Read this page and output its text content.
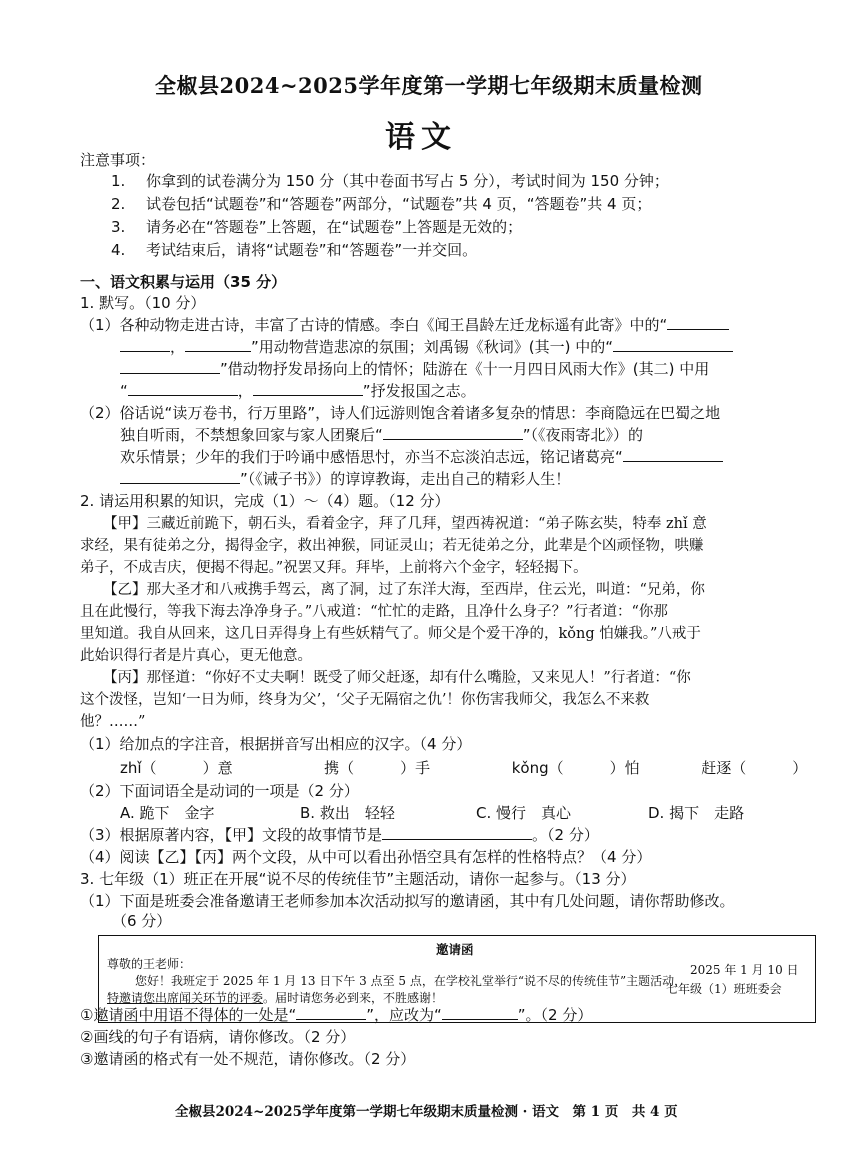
全椒县2024~2025学年度第一学期七年级期末质量检测
语文
注意事项：
1. 你拿到的试卷满分为 150 分（其中卷面书写占 5 分），考试时间为 150 分钟；
2. 试卷包括“试题卷”和“答题卷”两部分，“试题卷”共 4 页，“答题卷”共 4 页；
3. 请务必在“答题卷”上答题，在“试题卷”上答题是无效的；
4. 考试结束后，请将“试题卷”和“答题卷”一并交回。
一、语文积累与运用（35 分）
1. 默写。（10 分）
（1）各种动物走进古诗，丰富了古诗的情感。李白《闻王昌龄左迁龙标遥有此寄》中的“
，	”用动物营造悲凉的氛围；刘禹锡《秋词》(其一) 中的“
”借动物抒发昂扬向上的情怀；陆游在《十一月四日风雨大作》(其二) 中用
“	，	”抒发报国之志。
（2）俗话说“读万卷书，行万里路”，诗人们远游则饱含着诸多复杂的情思：李商隐远在巴蜀之地
独自听雨，不禁想象回家与家人团聚后“	”（《夜雨寄北》）的
欢乐情景；少年的我们于吟诵中感悟思忖，亦当不忘淡泊志远，铭记诸葛亮“
”（《诫子书》）的谆谆教诲，走出自己的精彩人生！
2. 请运用积累的知识，完成（1）～（4）题。（12 分）
【甲】三藏近前跪下，朝石头，看着金字，拜了几拜，望西祷祝道：“弟子陈玄奘，特奉 zhǐ 意
求经，果有徒弟之分，揭得金字，救出神猴，同证灵山；若无徒弟之分，此辈是个凶顽怪物，哄赚
弟子，不成吉庆，便揭不得起。”祝罢又拜。拜毕，上前将六个金字，轻轻揭下。
【乙】那大圣才和八戒携手驾云，离了洞，过了东洋大海，至西岸，住云光，叫道：“兄弟，你
且在此慢行，等我下海去净净身子。”八戒道：“忙忙的走路，且净什么身子？”行者道：“你那
里知道。我自从回来，这几日弄得身上有些妖精气了。师父是个爱干净的，kǒng 怕嫌我。”八戒于
此始识得行者是片真心，更无他意。
【丙】那怪道：“你好不丈夫啊！既受了师父赶逐，却有什么嘴脸，又来见人！”行者道：“你
这个泼怪，岂知‘一日为师，终身为父’，‘父子无隔宿之仇’！你伤害我师父，我怎么不来救
他？……”
（1）给加点的字注音，根据拼音写出相应的汉字。（4 分）
zhǐ（	）意	携（	）手	kǒng（	）怕	赶逐（	）
（2）下面词语全是动词的一项是（2 分）
A. 跪下　金字	B. 救出　轻轻	C. 慢行　真心	D. 揭下　走路
（3）根据原著内容，【甲】文段的故事情节是	。（2 分）
（4）阅读【乙】【丙】两个文段，从中可以看出孙悟空具有怎样的性格特点？（4 分）
3. 七年级（1）班正在开展“说不尽的传统佳节”主题活动，请你一起参与。（13 分）
（1）下面是班委会准备邀请王老师参加本次活动拟写的邀请函，其中有几处问题，请你帮助修改。
（6 分）
邀请函
尊敬的王老师：
您好！我班定于 2025 年 1 月 13 日下午 3 点至 5 点，在学校礼堂举行“说不尽的传统佳节”主题活动，
特邀请您出席闻关环节的评委。届时请您务必到来，不胜感谢！
2025 年 1 月 10 日
七年级（1）班班委会
①邀请函中用语不得体的一处是“	”，应改为“	”。（2 分）
②画线的句子有语病，请你修改。（2 分）
③邀请函的格式有一处不规范，请你修改。（2 分）
全椒县2024~2025学年度第一学期七年级期末质量检测 · 语文　第 1 页　共 4 页
